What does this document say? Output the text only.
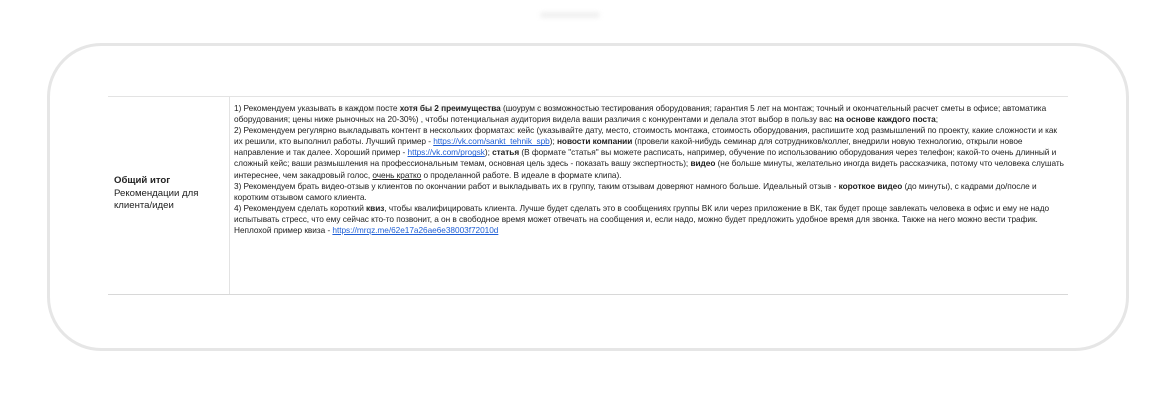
Общий итог
Рекомендации для клиента/идеи

1) Рекомендуем указывать в каждом посте хотя бы 2 преимущества (шоурум с возможностью тестирования оборудования; гарантия 5 лет на монтаж; точный и окончательный расчет сметы в офисе; автоматика оборудования; цены ниже рыночных на 20-30%) , чтобы потенциальная аудитория видела ваши различия с конкурентами и делала этот выбор в пользу вас на основе каждого поста;

2) Рекомендуем регулярно выкладывать контент в нескольких форматах: кейс (указывайте дату, место, стоимость монтажа, стоимость оборудования, распишите ход размышлений по проекту, какие сложности и как их решили, кто выполнил работы. Лучший пример - https://vk.com/sankt_tehnik_spb); новости компании (провели какой-нибудь семинар для сотрудников/коллег, внедрили новую технологию, открыли новое направление и так далее. Хороший пример - https://vk.com/progsk); статья (В формате "статья" вы можете расписать, например, обучение по использованию оборудования через телефон; какой-то очень длинный и сложный кейс; ваши размышления на профессиональным темам, основная цель здесь - показать вашу экспертность); видео (не больше минуты, желательно иногда видеть рассказчика, потому что человека слушать интереснее, чем закадровый голос, очень кратко о проделанной работе. В идеале в формате клипа).

3) Рекомендуем брать видео-отзыв у клиентов по окончании работ и выкладывать их в группу, таким отзывам доверяют намного больше. Идеальный отзыв - короткое видео (до минуты), с кадрами до/после и коротким отзывом самого клиента.

4) Рекомендуем сделать короткий квиз, чтобы квалифицировать клиента. Лучше будет сделать это в сообщениях группы ВК или через приложение в ВК, так будет проще завлекать человека в офис и ему не надо испытывать стресс, что ему сейчас кто-то позвонит, а он в свободное время может отвечать на сообщения и, если надо, можно будет предложить удобное время для звонка. Также на него можно вести трафик. Неплохой пример квиза - https://mrqz.me/62e17a26ae6e38003f72010d
